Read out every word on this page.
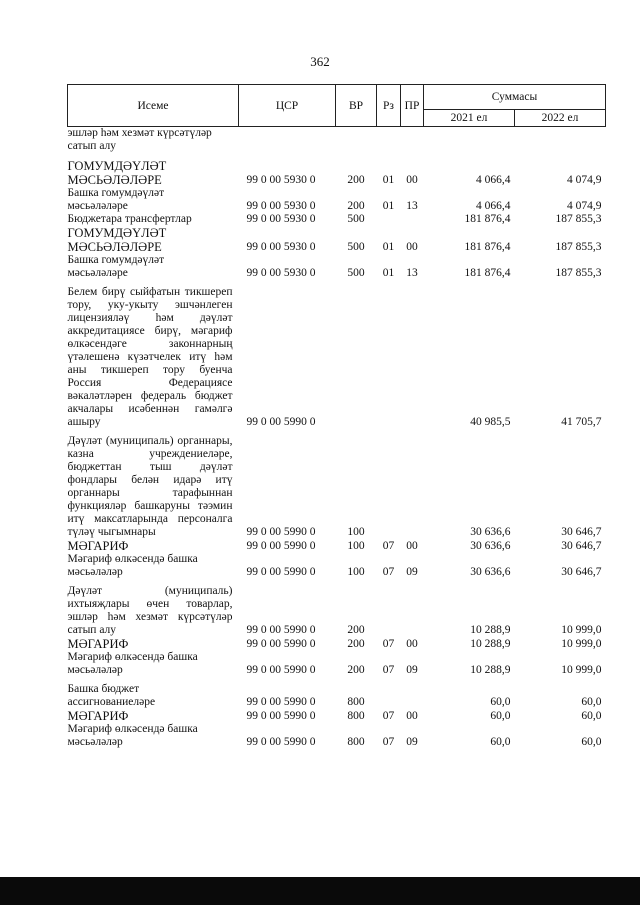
362
Исеме	ЦСР	ВР	Рз	ПР	Суммасы	
					2021 ел	2022 ел
эшләр һәм хезмәт күрсәтүләр
сатып алу						

ГОМУМДӘҮЛӘТ
МӘСЬӘЛӘЛӘРЕ	99 0 00 5930 0	200	01	00	4 066,4	4 074,9
Башка гомумдәүләт
мәсьәләләре	99 0 00 5930 0	200	01	13	4 066,4	4 074,9
Бюджетара трансфертлар	99 0 00 5930 0	500			181 876,4	187 855,3
ГОМУМДӘҮЛӘТ
МӘСЬӘЛӘЛӘРЕ	99 0 00 5930 0	500	01	00	181 876,4	187 855,3
Башка гомумдәүләт
мәсьәләләре	99 0 00 5930 0	500	01	13	181 876,4	187 855,3

Белем бирү сыйфатын тикшереп тору, уку-укыту эшчәнлеген лицензияләү һәм дәүләт аккредитациясе бирү, мәгариф өлкәсендәге законнарның үтәлешенә күзәтчелек итү һәм аны тикшереп тору буенча Россия Федерациясе вәкаләтләрен федераль бюджет акчалары исәбеннән гамәлгә ашыру	99 0 00 5990 0				40 985,5	41 705,7

Дәүләт (муниципаль) органнары, казна учреждениеләре, бюджеттан тыш дәүләт фондлары белән идарә итү органнары тарафыннан функцияләр башкаруны тәэмин итү максатларында персоналга түләү чыгымнары	99 0 00 5990 0	100			30 636,6	30 646,7
МӘГАРИФ	99 0 00 5990 0	100	07	00	30 636,6	30 646,7
Мәгариф өлкәсендә башка
мәсьәләләр	99 0 00 5990 0	100	07	09	30 636,6	30 646,7

Дәүләт (муниципаль) ихтыяҗлары өчен товарлар, эшләр һәм хезмәт күрсәтүләр сатып алу	99 0 00 5990 0	200			10 288,9	10 999,0
МӘГАРИФ	99 0 00 5990 0	200	07	00	10 288,9	10 999,0
Мәгариф өлкәсендә башка
мәсьәләләр	99 0 00 5990 0	200	07	09	10 288,9	10 999,0

Башка бюджет
ассигнованиеләре	99 0 00 5990 0	800			60,0	60,0
МӘГАРИФ	99 0 00 5990 0	800	07	00	60,0	60,0
Мәгариф өлкәсендә башка
мәсьәләләр	99 0 00 5990 0	800	07	09	60,0	60,0
